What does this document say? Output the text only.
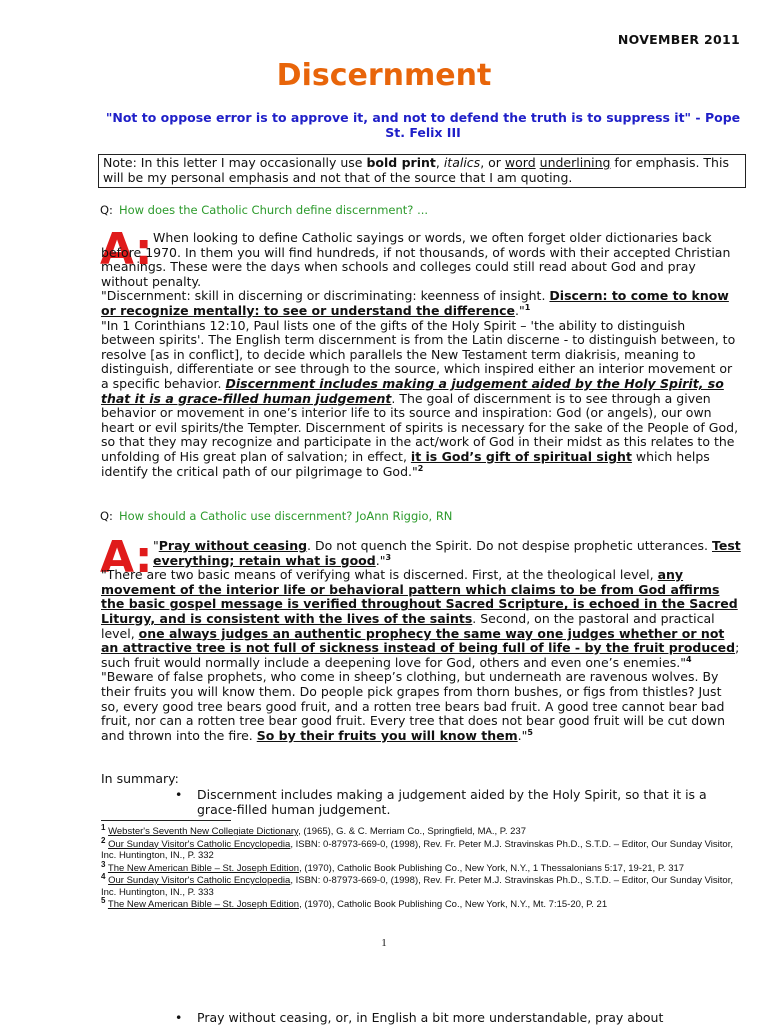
NOVEMBER 2011
Discernment
"Not to oppose error is to approve it, and not to defend the truth is to suppress it" - Pope St. Felix III
Note: In this letter I may occasionally use bold print, italics, or word underlining for emphasis. This will be my personal emphasis and not that of the source that I am quoting.
Q: How does the Catholic Church define discernment? ...
A: When looking to define Catholic sayings or words, we often forget older dictionaries back before 1970. In them you will find hundreds, if not thousands, of words with their accepted Christian meanings. These were the days when schools and colleges could still read about God and pray without penalty.

"Discernment: skill in discerning or discriminating: keenness of insight. Discern: to come to know or recognize mentally: to see or understand the difference."$^1$

"In 1 Corinthians 12:10, Paul lists one of the gifts of the Holy Spirit – 'the ability to distinguish between spirits'. The English term discernment is from the Latin discerne - to distinguish between, to resolve [as in conflict], to decide which parallels the New Testament term diakrisis, meaning to distinguish, differentiate or see through to the source, which inspired either an interior movement or a specific behavior. Discernment includes making a judgement aided by the Holy Spirit, so that it is a grace-filled human judgement. The goal of discernment is to see through a given behavior or movement in one’s interior life to its source and inspiration: God (or angels), our own heart or evil spirits/the Tempter. Discernment of spirits is necessary for the sake of the People of God, so that they may recognize and participate in the act/work of God in their midst as this relates to the unfolding of His great plan of salvation; in effect, it is God’s gift of spiritual sight which helps identify the critical path of our pilgrimage to God."$^2$

Q: How should a Catholic use discernment? JoAnn Riggio, RN
A: "Pray without ceasing. Do not quench the Spirit. Do not despise prophetic utterances. Test everything; retain what is good."$^3$

"There are two basic means of verifying what is discerned. First, at the theological level, any movement of the interior life or behavioral pattern which claims to be from God affirms the basic gospel message is verified throughout Sacred Scripture, is echoed in the Sacred Liturgy, and is consistent with the lives of the saints. Second, on the pastoral and practical level, one always judges an authentic prophecy the same way one judges whether or not an attractive tree is not full of sickness instead of being full of life - by the fruit produced; such fruit would normally include a deepening love for God, others and even one’s enemies."$^4$

"Beware of false prophets, who come in sheep’s clothing, but underneath are ravenous wolves. By their fruits you will know them. Do people pick grapes from thorn bushes, or figs from thistles? Just so, every good tree bears good fruit, and a rotten tree bears bad fruit. A good tree cannot bear bad fruit, nor can a rotten tree bear good fruit. Every tree that does not bear good fruit will be cut down and thrown into the fire. So by their fruits you will know them."$^5$

In summary:
•	Discernment includes making a judgement aided by the Holy Spirit, so that it is a grace-filled human judgement.

$^1$ Webster's Seventh New Collegiate Dictionary, (1965), G. & C. Merriam Co., Springfield, MA., P. 237

$^2$ Our Sunday Visitor's Catholic Encyclopedia, ISBN: 0-87973-669-0, (1998), Rev. Fr. Peter M.J. Stravinskas Ph.D., S.T.D. – Editor, Our Sunday Visitor, Inc. Huntington, IN., P. 332

$^3$ The New American Bible – St. Joseph Edition, (1970), Catholic Book Publishing Co., New York, N.Y., 1 Thessalonians 5:17, 19-21, P. 317

$^4$ Our Sunday Visitor's Catholic Encyclopedia, ISBN: 0-87973-669-0, (1998), Rev. Fr. Peter M.J. Stravinskas Ph.D., S.T.D. – Editor, Our Sunday Visitor, Inc. Huntington, IN., P. 333

$^5$ The New American Bible – St. Joseph Edition, (1970), Catholic Book Publishing Co., New York, N.Y., Mt. 7:15-20, P. 21

1
•	Pray without ceasing, or, in English a bit more understandable, pray about
